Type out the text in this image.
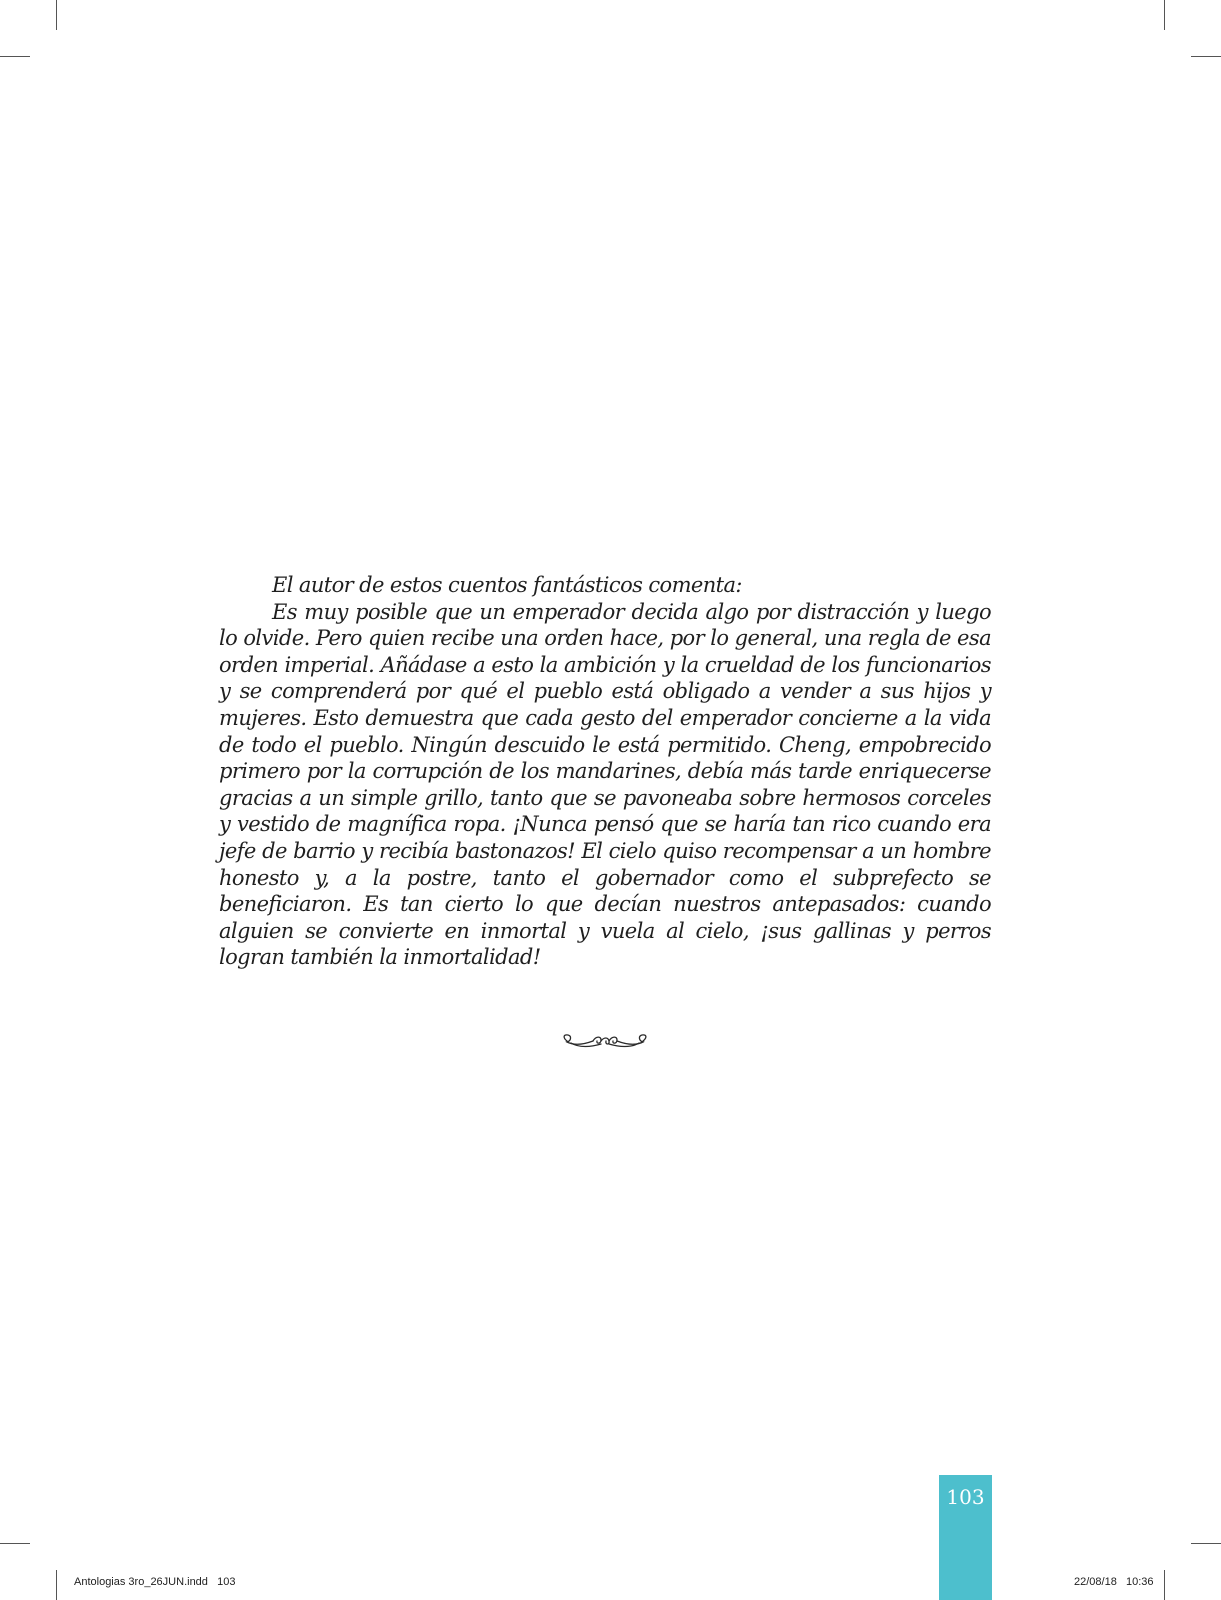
El autor de estos cuentos fantásticos comenta:

Es muy posible que un emperador decida algo por distracción y luego lo olvide. Pero quien recibe una orden hace, por lo general, una regla de esa orden imperial. Añádase a esto la ambición y la crueldad de los funcionarios y se comprenderá por qué el pueblo está obligado a vender a sus hijos y mujeres. Esto demuestra que cada gesto del emperador concierne a la vida de todo el pueblo. Ningún descuido le está permitido. Cheng, empobrecido primero por la corrupción de los mandarines, debía más tarde enriquecerse gracias a un simple grillo, tanto que se pavoneaba sobre hermosos corceles y vestido de magnífica ropa. ¡Nunca pensó que se haría tan rico cuando era jefe de barrio y recibía bastonazos! El cielo quiso recompensar a un hombre honesto y, a la postre, tanto el gobernador como el subprefecto se beneficiaron. Es tan cierto lo que decían nuestros antepasados: cuando alguien se convierte en inmortal y vuela al cielo, ¡sus gallinas y perros logran también la inmortalidad!

103
Antologias 3ro_26JUN.indd   103	22/08/18   10:36
